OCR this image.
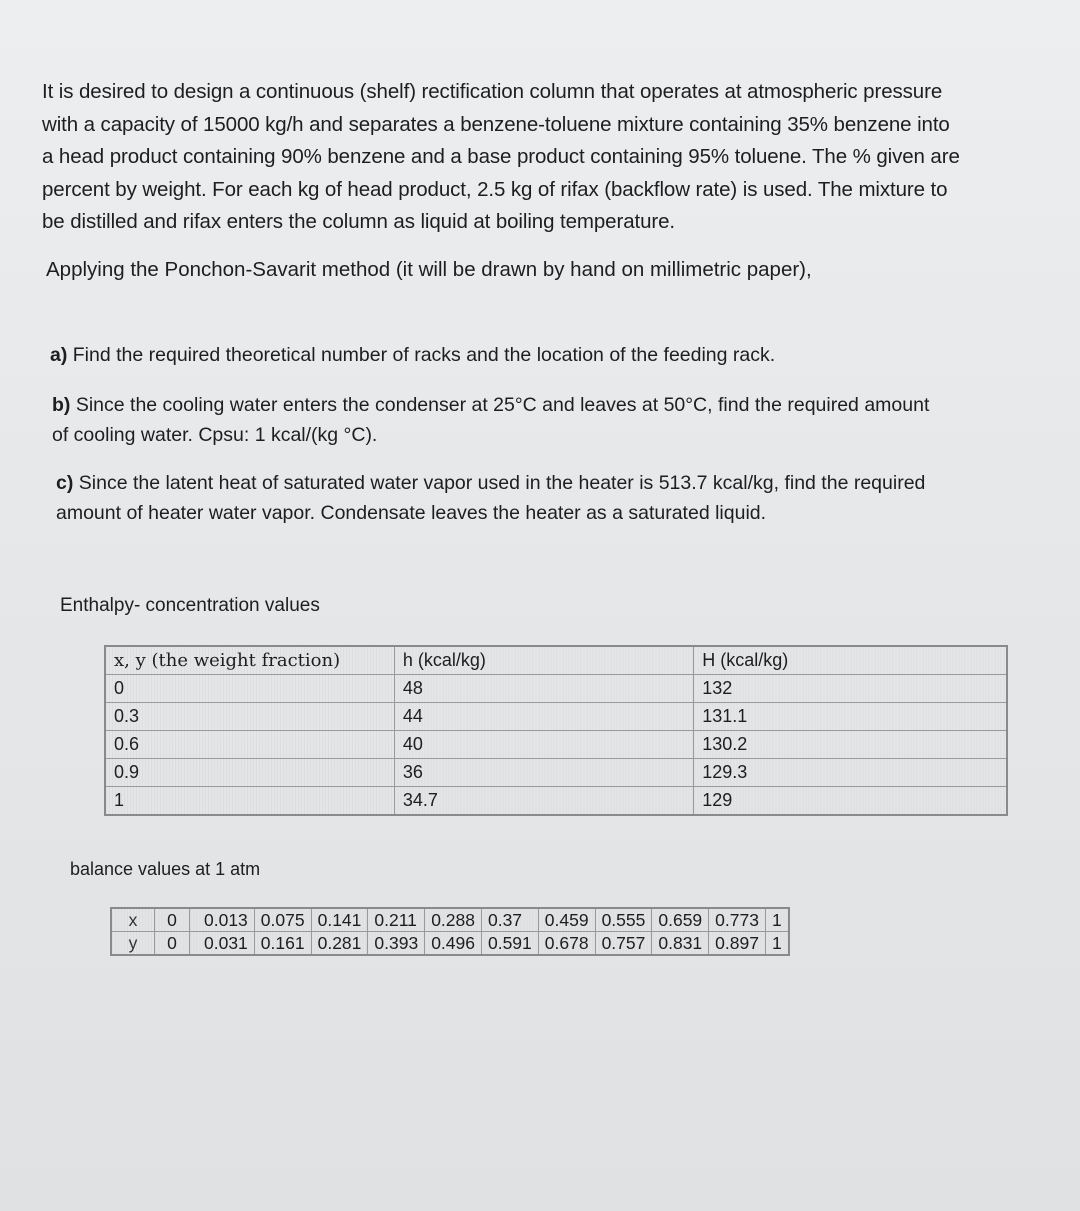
It is desired to design a continuous (shelf) rectification column that operates at atmospheric pressure

with a capacity of 15000 kg/h and separates a benzene-toluene mixture containing 35% benzene into

a head product containing 90% benzene and a base product containing 95% toluene. The % given are

percent by weight. For each kg of head product, 2.5 kg of rifax (backflow rate) is used. The mixture to

be distilled and rifax enters the column as liquid at boiling temperature.

Applying the Ponchon-Savarit method (it will be drawn by hand on millimetric paper),
a) Find the required theoretical number of racks and the location of the feeding rack.
b) Since the cooling water enters the condenser at 25°C and leaves at 50°C, find the required amount
of cooling water. Cpsu: 1 kcal/(kg °C).
c) Since the latent heat of saturated water vapor used in the heater is 513.7 kcal/kg, find the required
amount of heater water vapor. Condensate leaves the heater as a saturated liquid.
Enthalpy- concentration values
x, y (the weight fraction)	h (kcal/kg)	H (kcal/kg)
0	48	132
0.3	44	131.1
0.6	40	130.2
0.9	36	129.3
1	34.7	129
balance values at 1 atm
x	0	0.013	0.075	0.141	0.211	0.288	0.37	0.459	0.555	0.659	0.773	1
y	0	0.031	0.161	0.281	0.393	0.496	0.591	0.678	0.757	0.831	0.897	1
